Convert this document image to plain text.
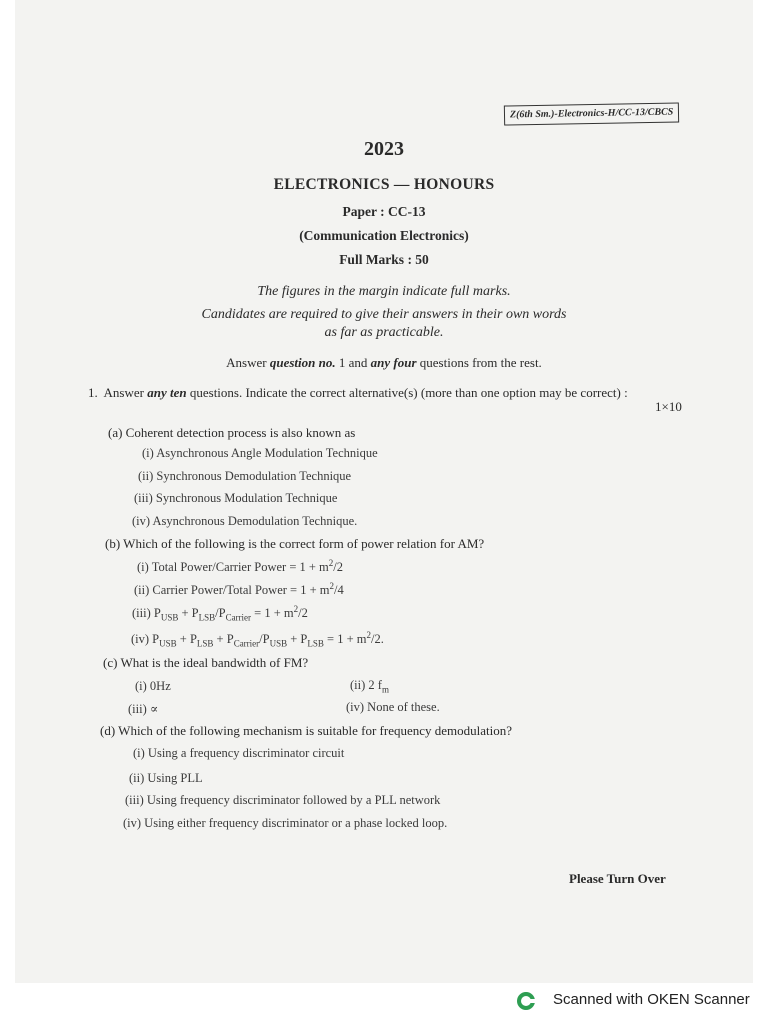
Z(6th Sm.)-Electronics-H/CC-13/CBCS
2023
ELECTRONICS — HONOURS
Paper : CC-13
(Communication Electronics)
Full Marks : 50
The figures in the margin indicate full marks.
Candidates are required to give their answers in their own words
as far as practicable.
Answer question no. 1 and any four questions from the rest.
1. Answer any ten questions. Indicate the correct alternative(s) (more than one option may be correct) :
1×10
(a) Coherent detection process is also known as
(i) Asynchronous Angle Modulation Technique
(ii) Synchronous Demodulation Technique
(iii) Synchronous Modulation Technique
(iv) Asynchronous Demodulation Technique.
(b) Which of the following is the correct form of power relation for AM?
(i) Total Power/Carrier Power = $1 + m^2/2$
(ii) Carrier Power/Total Power = $1 + m^2/4$
(iii) $P_{USB} + P_{LSB}/P_{Carrier} = 1 + m^2/2$
(iv) $P_{USB} + P_{LSB} + P_{Carrier}/P_{USB} + P_{LSB} = 1 + m^2/2$.
(c) What is the ideal bandwidth of FM?
(i) 0Hz	(ii) 2 $f_m$
(iii) ∝	(iv) None of these.
(d) Which of the following mechanism is suitable for frequency demodulation?
(i) Using a frequency discriminator circuit
(ii) Using PLL
(iii) Using frequency discriminator followed by a PLL network
(iv) Using either frequency discriminator or a phase locked loop.
Please Turn Over
Scanned with OKEN Scanner
